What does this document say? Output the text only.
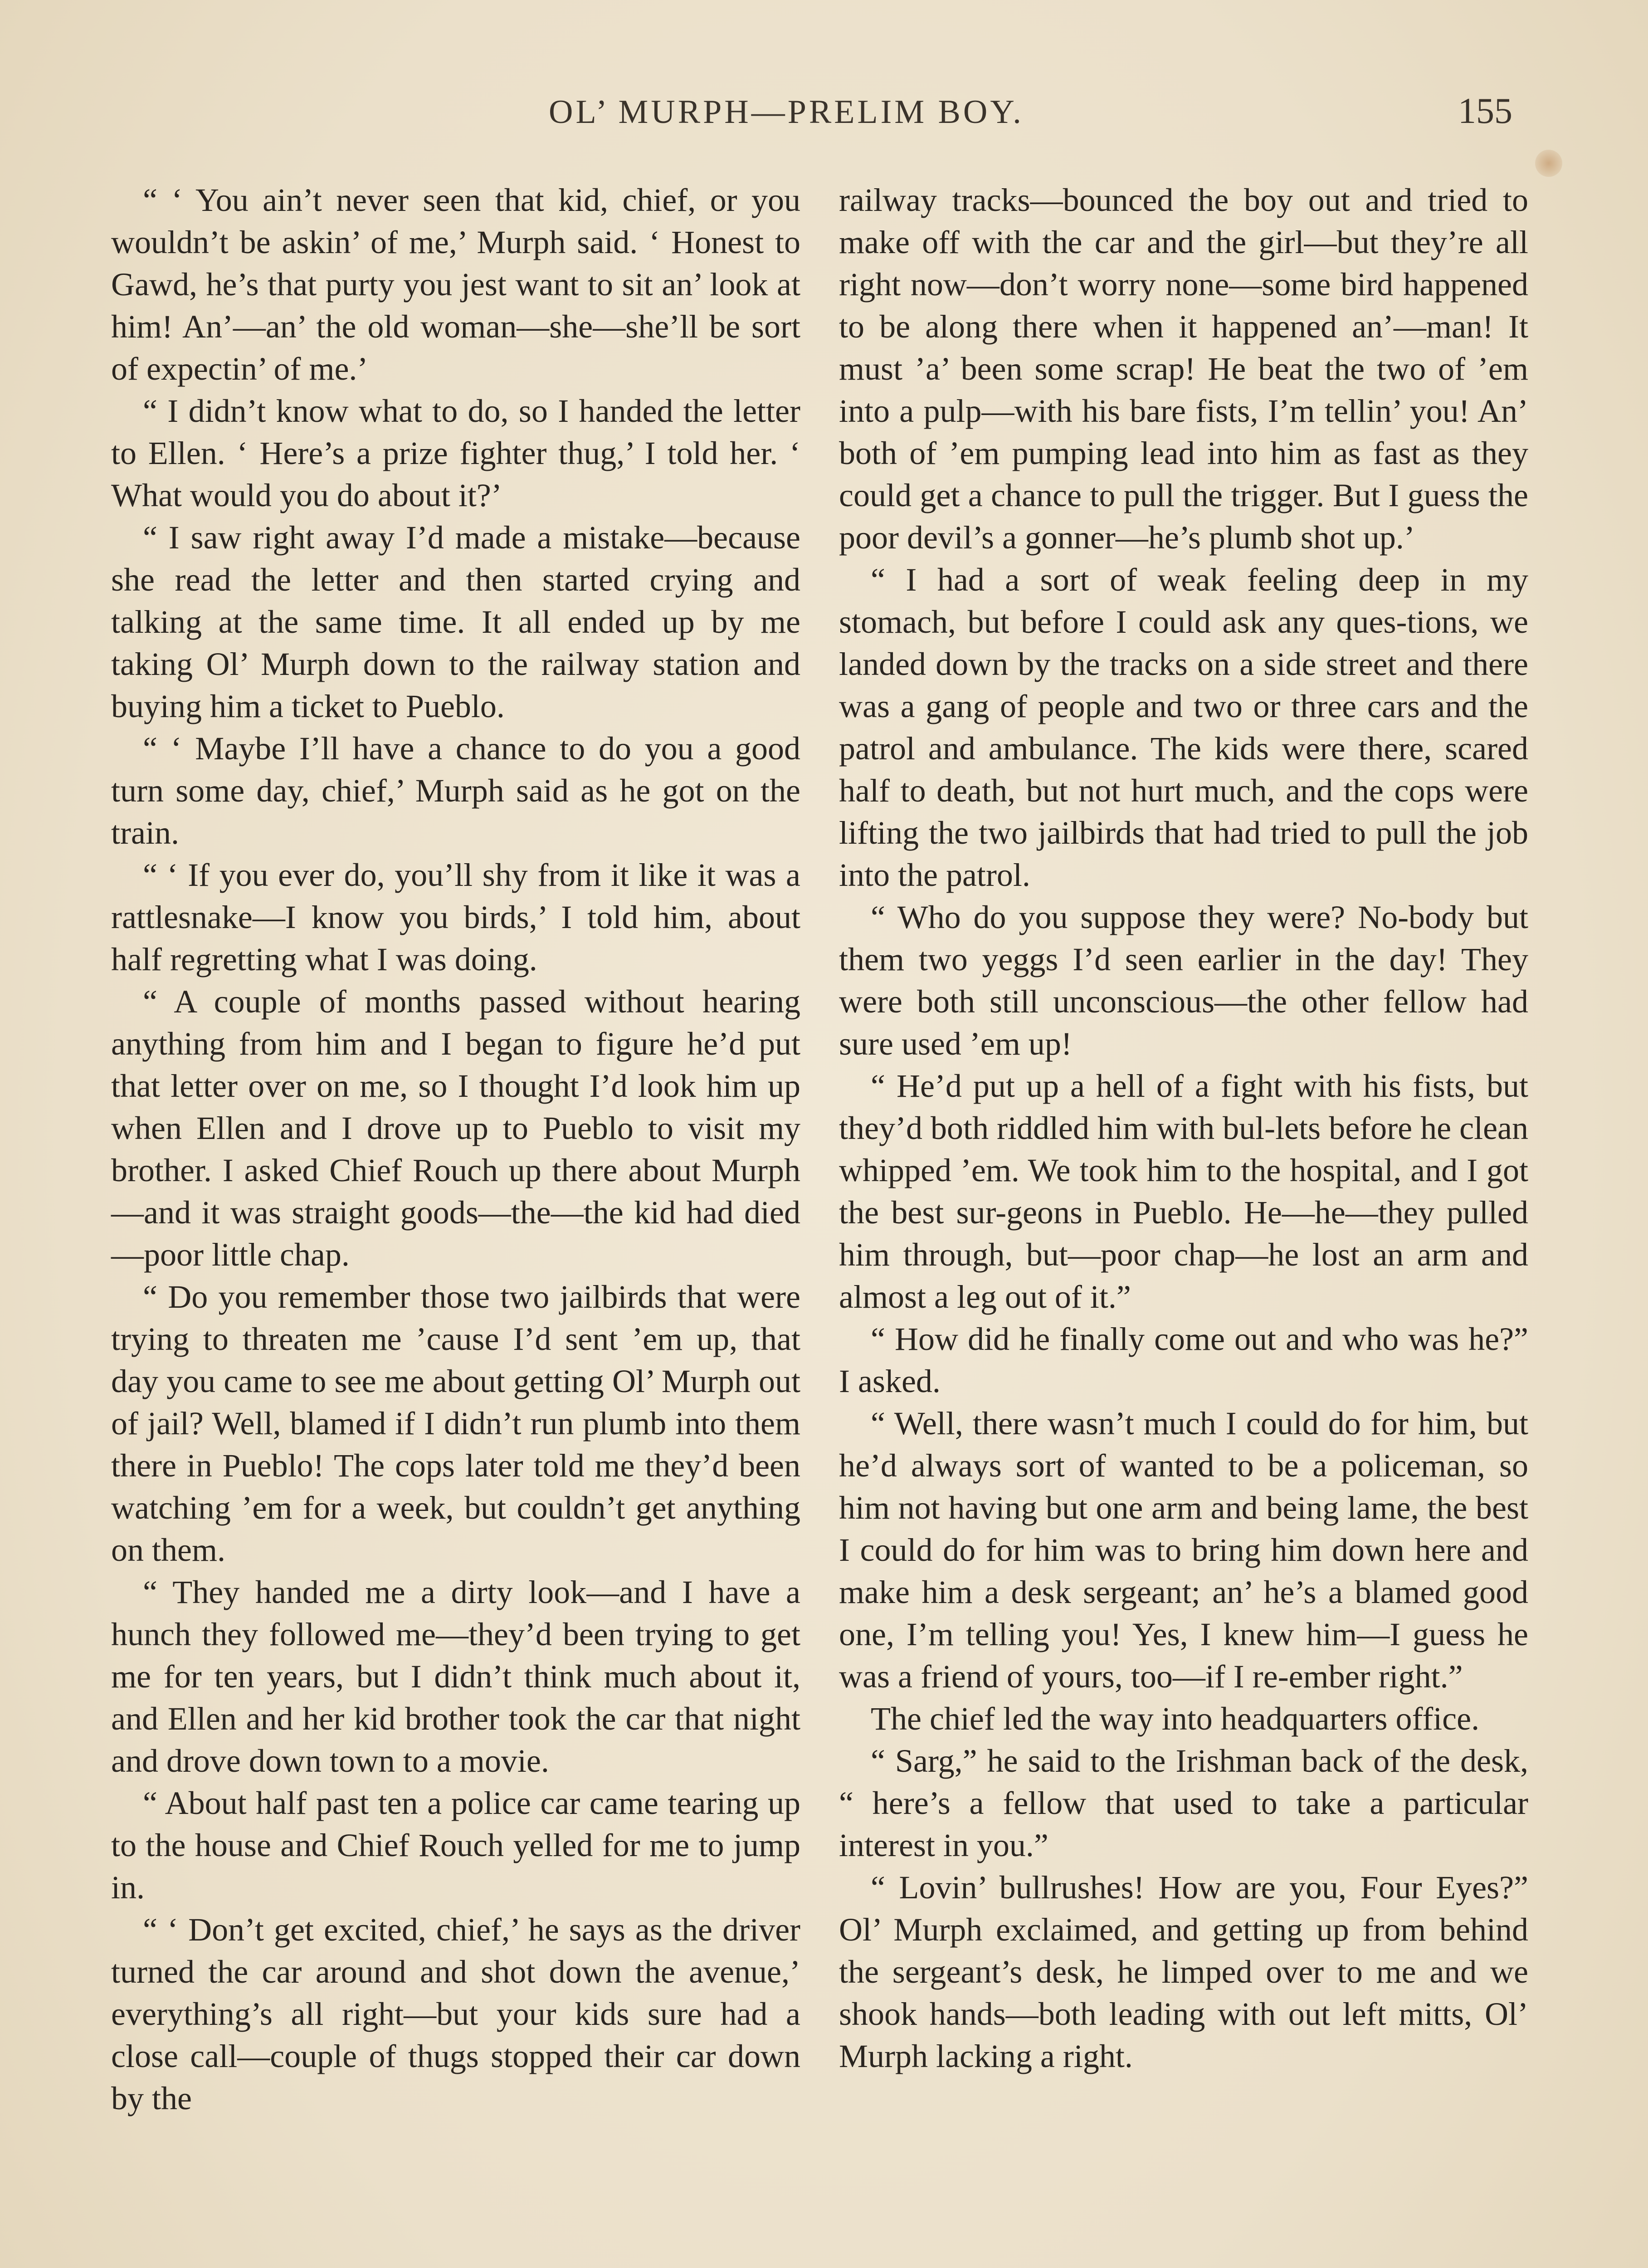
OL’ MURPH—PRELIM BOY.	155

“ ‘ You ain’t never seen that kid, chief, or you wouldn’t be askin’ of me,’ Murph said. ‘ Honest to Gawd, he’s that purty you jest want to sit an’ look at him! An’—an’ the old woman—she—she’ll be sort of expectin’ of me.’

“ I didn’t know what to do, so I handed the letter to Ellen. ‘ Here’s a prize fighter thug,’ I told her. ‘ What would you do about it?’

“ I saw right away I’d made a mistake—because she read the letter and then started crying and talking at the same time. It all ended up by me taking Ol’ Murph down to the railway station and buying him a ticket to Pueblo.

“ ‘ Maybe I’ll have a chance to do you a good turn some day, chief,’ Murph said as he got on the train.

“ ‘ If you ever do, you’ll shy from it like it was a rattlesnake—I know you birds,’ I told him, about half regretting what I was doing.

“ A couple of months passed without hearing anything from him and I began to figure he’d put that letter over on me, so I thought I’d look him up when Ellen and I drove up to Pueblo to visit my brother. I asked Chief Rouch up there about Murph—and it was straight goods—the—the kid had died—poor little chap.

“ Do you remember those two jailbirds that were trying to threaten me ’cause I’d sent ’em up, that day you came to see me about getting Ol’ Murph out of jail? Well, blamed if I didn’t run plumb into them there in Pueblo! The cops later told me they’d been watching ’em for a week, but couldn’t get anything on them.

“ They handed me a dirty look—and I have a hunch they followed me—they’d been trying to get me for ten years, but I didn’t think much about it, and Ellen and her kid brother took the car that night and drove down town to a movie.

“ About half past ten a police car came tearing up to the house and Chief Rouch yelled for me to jump in.

“ ‘ Don’t get excited, chief,’ he says as the driver turned the car around and shot down the avenue,’ everything’s all right—but your kids sure had a close call—couple of thugs stopped their car down by the

railway tracks—bounced the boy out and tried to make off with the car and the girl—but they’re all right now—don’t worry none—some bird happened to be along there when it happened an’—man! It must ’a’ been some scrap! He beat the two of ’em into a pulp—with his bare fists, I’m tellin’ you! An’ both of ’em pumping lead into him as fast as they could get a chance to pull the trigger. But I guess the poor devil’s a gonner—he’s plumb shot up.’

“ I had a sort of weak feeling deep in my stomach, but before I could ask any ques-tions, we landed down by the tracks on a side street and there was a gang of people and two or three cars and the patrol and ambulance. The kids were there, scared half to death, but not hurt much, and the cops were lifting the two jailbirds that had tried to pull the job into the patrol.

“ Who do you suppose they were? No-body but them two yeggs I’d seen earlier in the day! They were both still unconscious—the other fellow had sure used ’em up!

“ He’d put up a hell of a fight with his fists, but they’d both riddled him with bul-lets before he clean whipped ’em. We took him to the hospital, and I got the best sur-geons in Pueblo. He—he—they pulled him through, but—poor chap—he lost an arm and almost a leg out of it.”

“ How did he finally come out and who was he?” I asked.

“ Well, there wasn’t much I could do for him, but he’d always sort of wanted to be a policeman, so him not having but one arm and being lame, the best I could do for him was to bring him down here and make him a desk sergeant; an’ he’s a blamed good one, I’m telling you! Yes, I knew him—I guess he was a friend of yours, too—if I re-ember right.”

The chief led the way into headquarters office.

“ Sarg,” he said to the Irishman back of the desk, “ here’s a fellow that used to take a particular interest in you.”

“ Lovin’ bullrushes! How are you, Four Eyes?” Ol’ Murph exclaimed, and getting up from behind the sergeant’s desk, he limped over to me and we shook hands—both leading with out left mitts, Ol’ Murph lacking a right.
